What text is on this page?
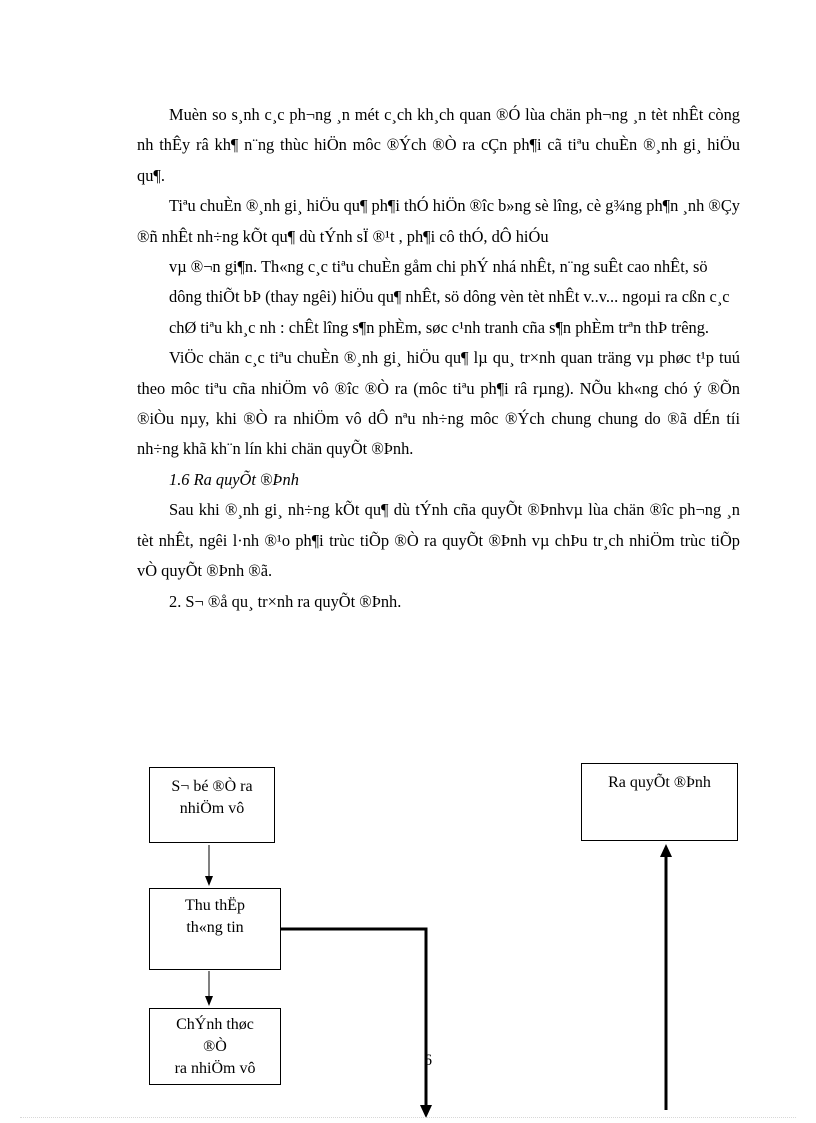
Muèn so s¸nh c¸c ph¬ng ¸n mét c¸ch kh¸ch quan ®Ó lùa chän ph¬ng ¸n tèt nhÊt còng nh thÊy râ kh¶ n¨ng thùc hiÖn môc ®Ých ®Ò ra cÇn ph¶i cã tiªu chuÈn ®¸nh gi¸ hiÖu qu¶.

Tiªu chuÈn ®¸nh gi¸ hiÖu qu¶ ph¶i thÓ hiÖn ®îc b»ng sè lîng, cè g¾ng ph¶n ¸nh ®Çy ®ñ nhÊt nh÷ng kÕt qu¶ dù tÝnh sÏ ®¹t , ph¶i cô thÓ, dÔ hiÓu

vµ ®¬n gi¶n. Th«ng c¸c tiªu chuÈn gåm chi phÝ nhá nhÊt, n¨ng suÊt cao nhÊt, sö dông thiÕt bÞ (thay ngêi) hiÖu qu¶ nhÊt, sö dông vèn tèt nhÊt v..v... ngoµi ra cßn c¸c chØ tiªu kh¸c nh : chÊt lîng s¶n phÈm, søc c¹nh tranh cña s¶n phÈm trªn thÞ trêng.

ViÖc chän c¸c tiªu chuÈn ®¸nh gi¸ hiÖu qu¶ lµ qu¸ tr×nh quan träng vµ phøc t¹p tuú theo môc tiªu cña nhiÖm vô ®îc ®Ò ra (môc tiªu ph¶i râ rµng). NÕu kh«ng chó ý ®Õn ®iÒu nµy, khi ®Ò ra nhiÖm vô dÔ nªu nh÷ng môc ®Ých chung chung do ®ã dÉn tíi nh÷ng khã kh¨n lín khi chän quyÕt ®Þnh.

1.6 Ra quyÕt ®Þnh

Sau khi ®¸nh gi¸ nh÷ng kÕt qu¶ dù tÝnh cña quyÕt ®Þnhvµ lùa chän ®îc ph¬ng ¸n tèt nhÊt, ngêi l·nh ®¹o ph¶i trùc tiÕp ®Ò ra quyÕt ®Þnh vµ chÞu tr¸ch nhiÖm trùc tiÕp vÒ quyÕt ®Þnh ®ã.

2. S¬ ®å qu¸ tr×nh ra quyÕt ®Þnh.

S¬ bé ®Ò ra
nhiÖm vô
Thu thËp
th«ng tin
ChÝnh thøc
®Ò
ra nhiÖm vô
Ra quyÕt ®Þnh
6
